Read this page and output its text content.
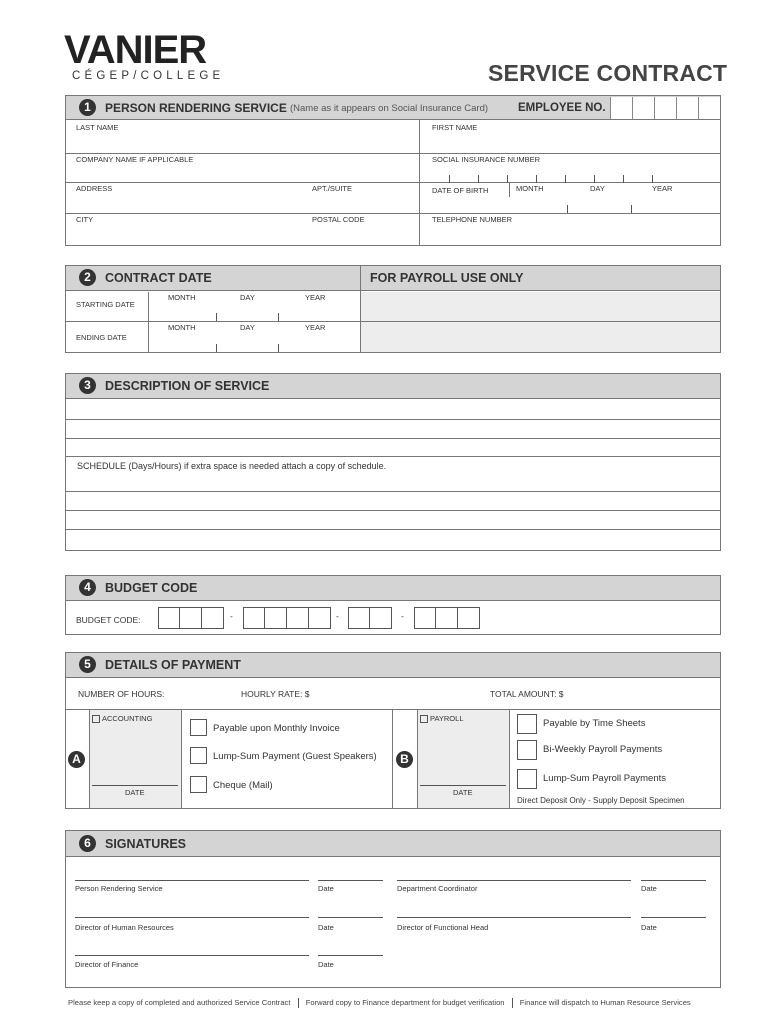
VANIER
CÉGEP/COLLEGE	SERVICE CONTRACT
1	PERSON RENDERING SERVICE (Name as it appears on Social Insurance Card)	EMPLOYEE NO.
LAST NAME	FIRST NAME
COMPANY NAME IF APPLICABLE	SOCIAL INSURANCE NUMBER
ADDRESS	APT./SUITE	DATE OF BIRTH	MONTH	DAY	YEAR
CITY	POSTAL CODE	TELEPHONE NUMBER
2	CONTRACT DATE	FOR PAYROLL USE ONLY
STARTING DATE
MONTH	DAY	YEAR
ENDING DATE
MONTH	DAY	YEAR
3	DESCRIPTION OF SERVICE
SCHEDULE (Days/Hours) if extra space is needed attach a copy of schedule.
4	BUDGET CODE
BUDGET CODE:	-	-	-
5	DETAILS OF PAYMENT
NUMBER OF HOURS:	HOURLY RATE: $	TOTAL AMOUNT: $
A
ACCOUNTING
DATE
Payable upon Monthly Invoice
Lump-Sum Payment (Guest Speakers)
Cheque (Mail)
B
PAYROLL
DATE
Payable by Time Sheets
Bi-Weekly Payroll Payments
Lump-Sum Payroll Payments
Direct Deposit Only - Supply Deposit Specimen
6	SIGNATURES
Person Rendering Service	Date	Department Coordinator	Date
Director of Human Resources	Date	Director of Functional Head	Date
Director of Finance	Date
Please keep a copy of completed and authorized Service Contract Forward copy to Finance department for budget verification Finance will dispatch to Human Resource Services
